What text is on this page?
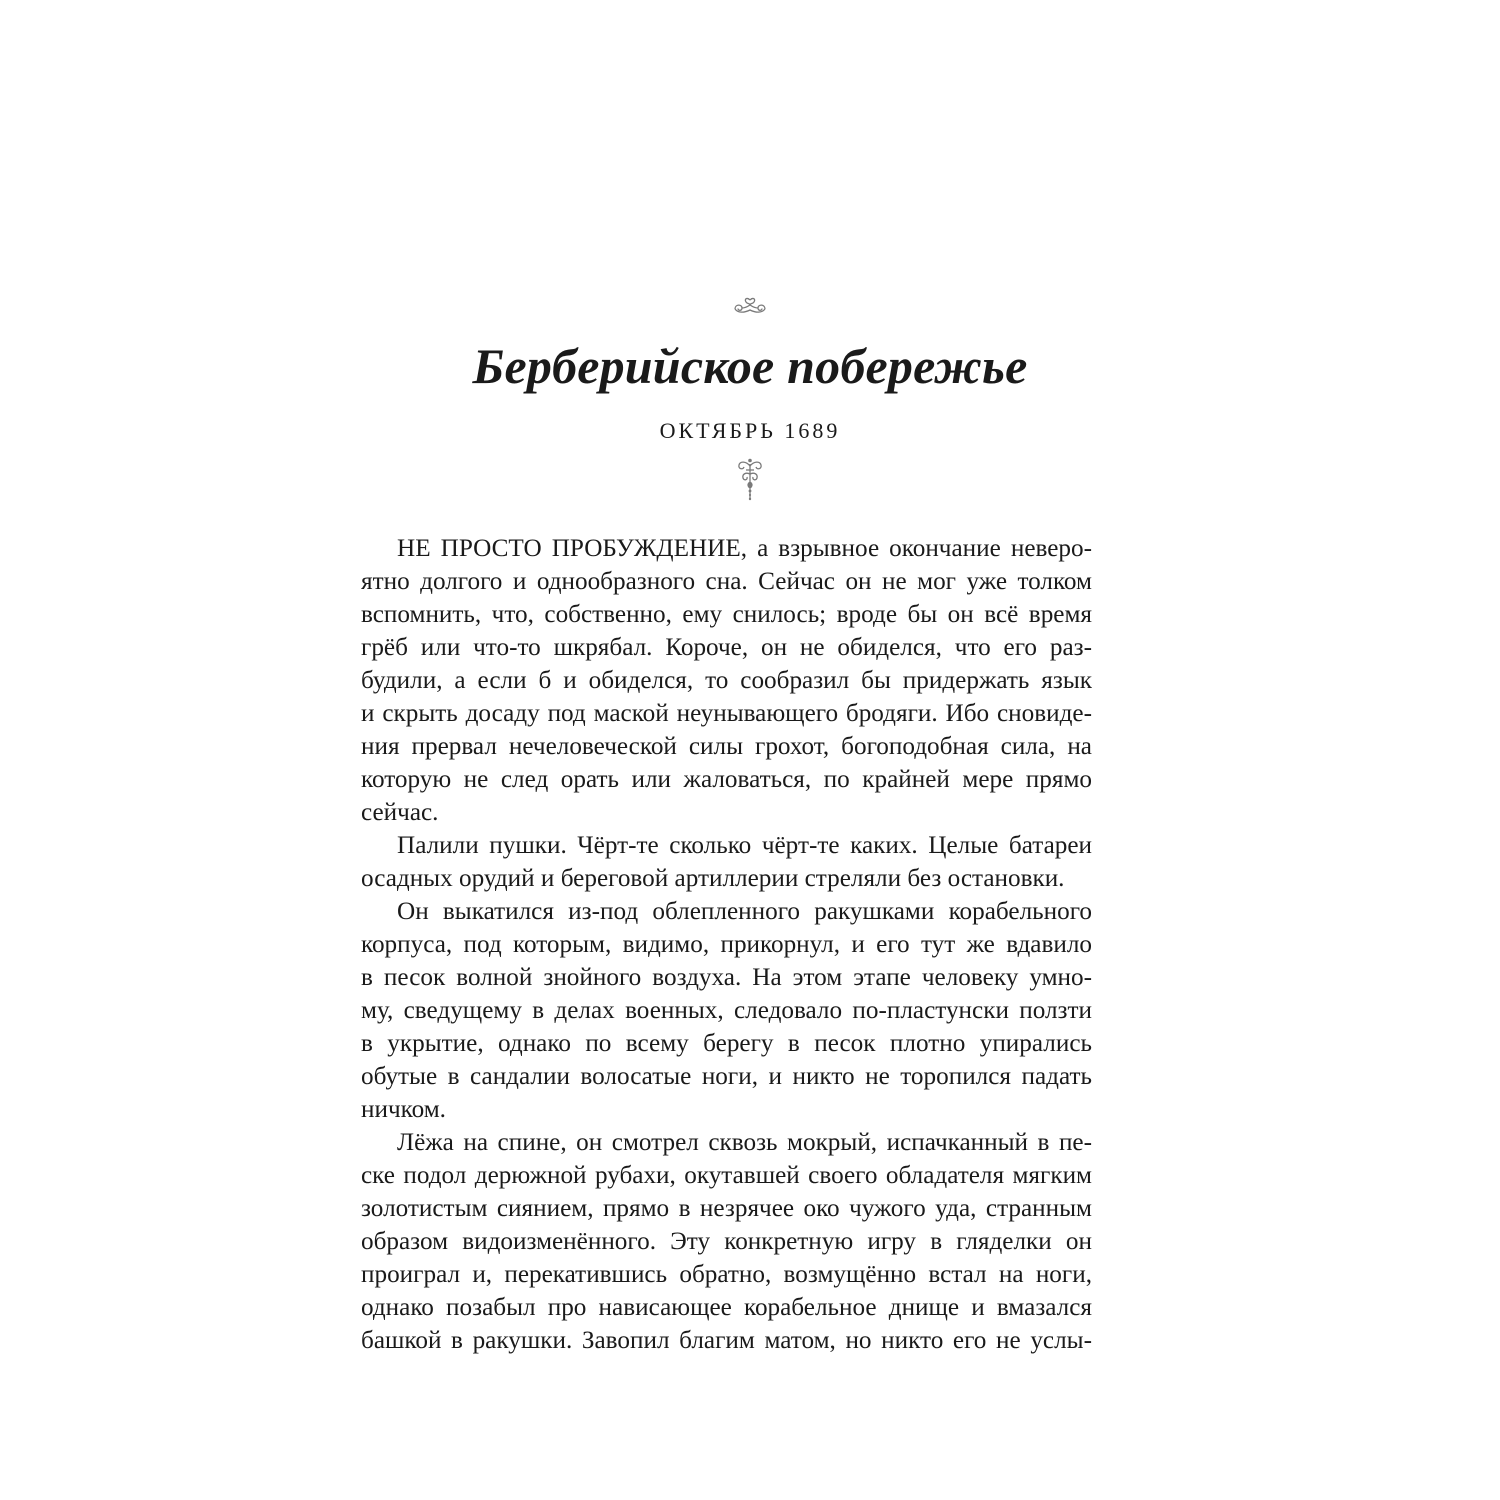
Берберийское побережье
ОКТЯБРЬ 1689

НЕ ПРОСТО ПРОБУЖДЕНИЕ, а взрывное окончание неверо-
ятно долгого и однообразного сна. Сейчас он не мог уже толком
вспомнить, что, собственно, ему снилось; вроде бы он всё время
грёб или что-то шкрябал. Короче, он не обиделся, что его раз-
будили, а если б и обиделся, то сообразил бы придержать язык
и скрыть досаду под маской неунывающего бродяги. Ибо сновиде-
ния прервал нечеловеческой силы грохот, богоподобная сила, на
которую не след орать или жаловаться, по крайней мере прямо
сейчас.

Палили пушки. Чёрт-те сколько чёрт-те каких. Целые батареи
осадных орудий и береговой артиллерии стреляли без остановки.

Он выкатился из-под облепленного ракушками корабельного
корпуса, под которым, видимо, прикорнул, и его тут же вдавило
в песок волной знойного воздуха. На этом этапе человеку умно-
му, сведущему в делах военных, следовало по-пластунски ползти
в укрытие, однако по всему берегу в песок плотно упирались
обутые в сандалии волосатые ноги, и никто не торопился падать
ничком.

Лёжа на спине, он смотрел сквозь мокрый, испачканный в пе-
ске подол дерюжной рубахи, окутавшей своего обладателя мягким
золотистым сиянием, прямо в незрячее око чужого уда, странным
образом видоизменённого. Эту конкретную игру в гляделки он
проиграл и, перекатившись обратно, возмущённо встал на ноги,
однако позабыл про нависающее корабельное днище и вмазался
башкой в ракушки. Завопил благим матом, но никто его не услы-
